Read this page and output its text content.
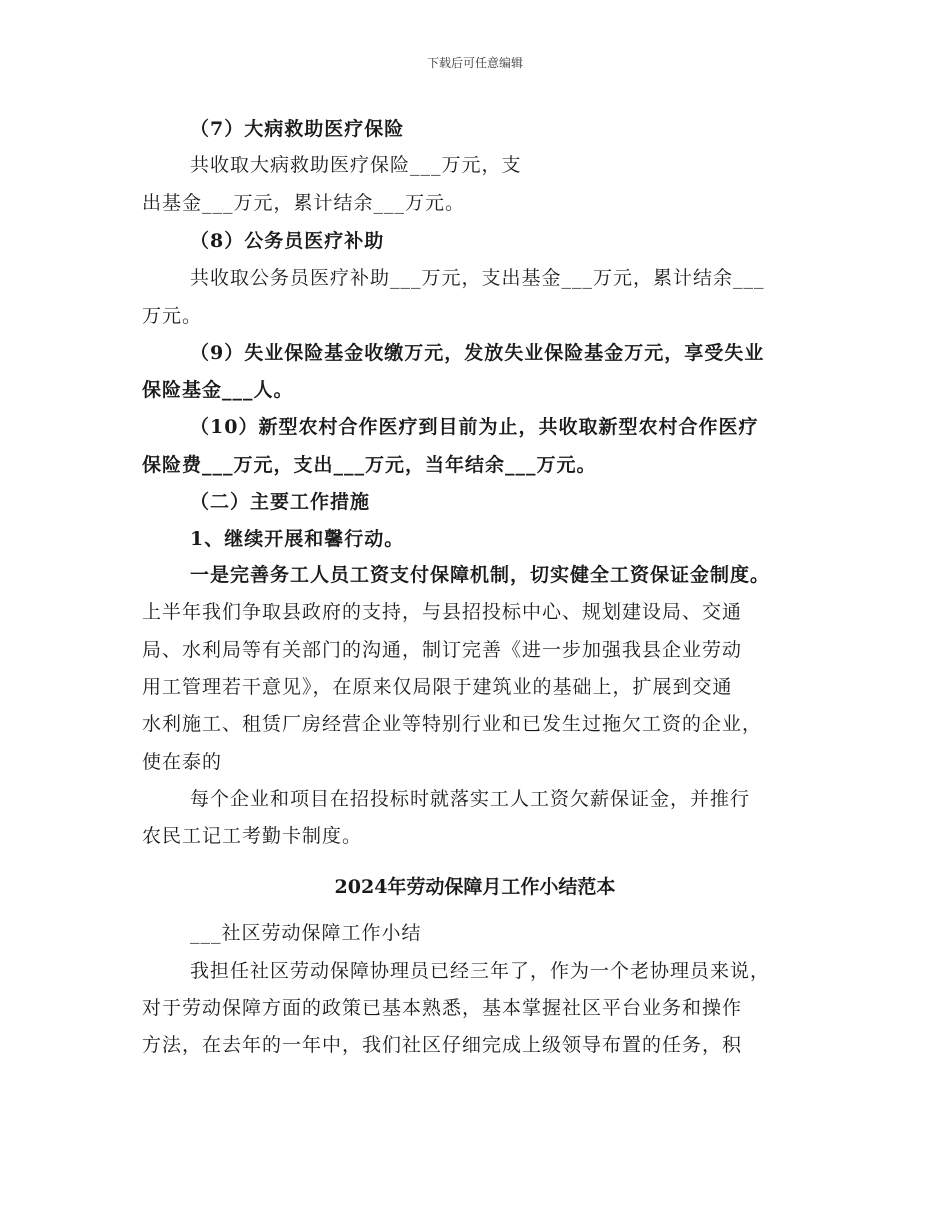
下载后可任意编辑
（7）大病救助医疗保险
共收取大病救助医疗保险___万元，支
出基金___万元，累计结余___万元。
（8）公务员医疗补助
共收取公务员医疗补助___万元，支出基金___万元，累计结余___
万元。
（9）失业保险基金收缴万元，发放失业保险基金万元，享受失业
保险基金___人。
（10）新型农村合作医疗到目前为止，共收取新型农村合作医疗
保险费___万元，支出___万元，当年结余___万元。
（二）主要工作措施
1、继续开展和馨行动。
一是完善务工人员工资支付保障机制，切实健全工资保证金制度。
上半年我们争取县政府的支持，与县招投标中心、规划建设局、交通
局、水利局等有关部门的沟通，制订完善《进一步加强我县企业劳动
用工管理若干意见》，在原来仅局限于建筑业的基础上，扩展到交通
水利施工、租赁厂房经营企业等特别行业和已发生过拖欠工资的企业，
使在泰的
每个企业和项目在招投标时就落实工人工资欠薪保证金，并推行
农民工记工考勤卡制度。
2024年劳动保障月工作小结范本
___社区劳动保障工作小结
我担任社区劳动保障协理员已经三年了，作为一个老协理员来说，
对于劳动保障方面的政策已基本熟悉，基本掌握社区平台业务和操作
方法，在去年的一年中，我们社区仔细完成上级领导布置的任务，积
